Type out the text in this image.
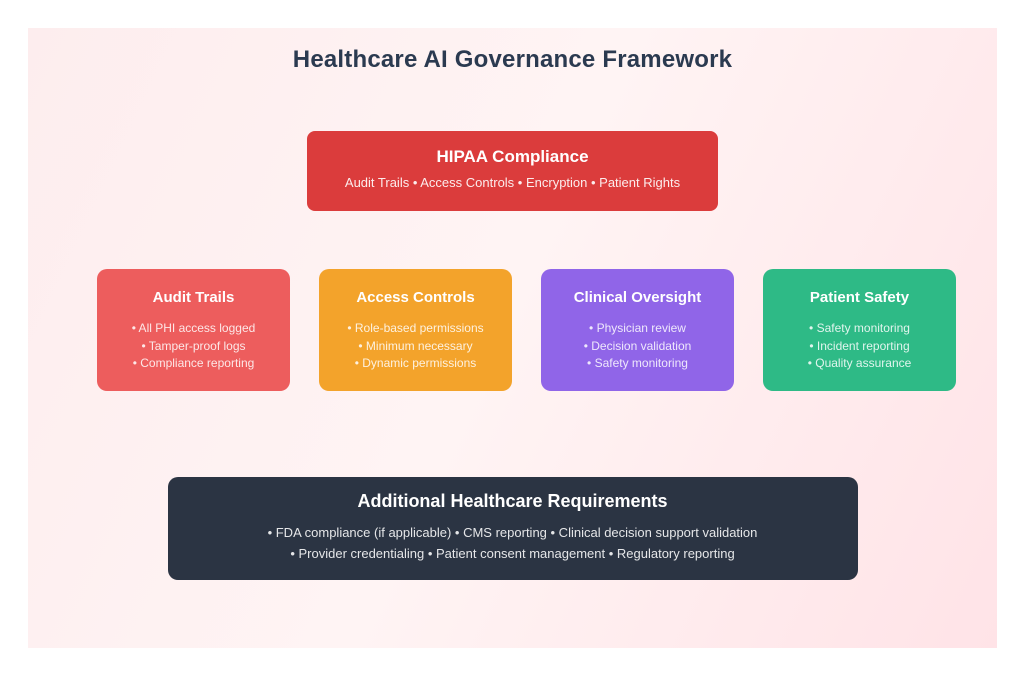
Healthcare AI Governance Framework
HIPAA Compliance
Audit Trails • Access Controls • Encryption • Patient Rights
Audit Trails
• All PHI access logged
• Tamper-proof logs
• Compliance reporting
Access Controls
• Role-based permissions
• Minimum necessary
• Dynamic permissions
Clinical Oversight
• Physician review
• Decision validation
• Safety monitoring
Patient Safety
• Safety monitoring
• Incident reporting
• Quality assurance
Additional Healthcare Requirements
• FDA compliance (if applicable) • CMS reporting • Clinical decision support validation
• Provider credentialing • Patient consent management • Regulatory reporting
